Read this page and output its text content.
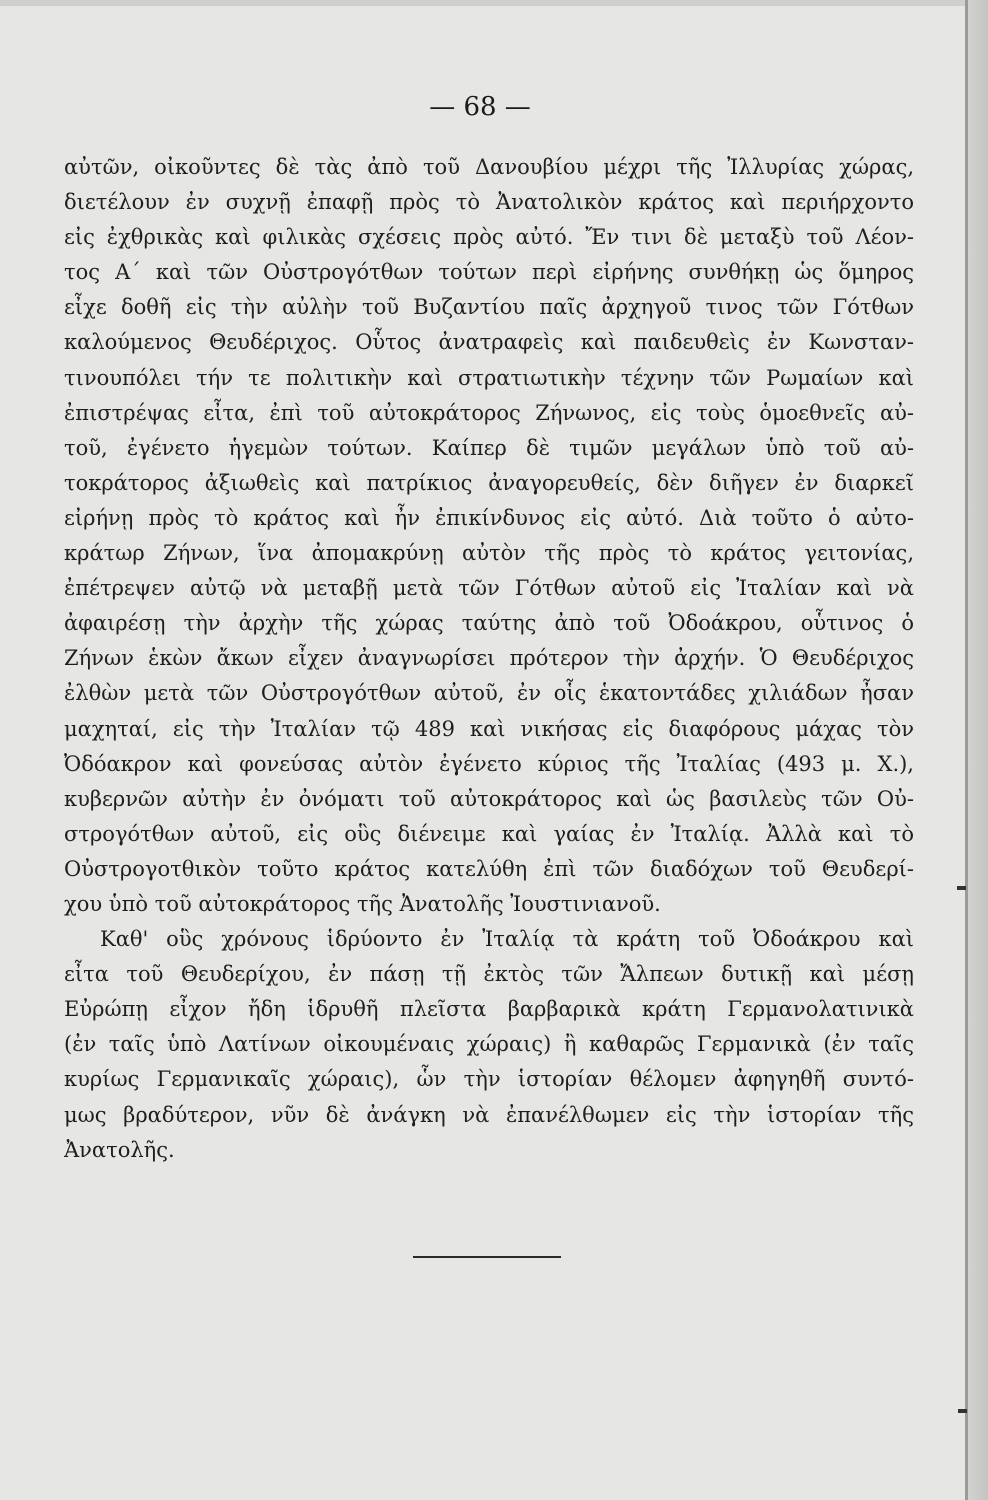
— 68 —
αὐτῶν, οἰκοῦντες δὲ τὰς ἀπὸ τοῦ Δανουβίου μέχρι τῆς Ἰλλυρίας χώρας,
διετέλουν ἐν συχνῇ ἐπαφῇ πρὸς τὸ Ἀνατολικὸν κράτος καὶ περιήρχοντο
εἰς ἐχθρικὰς καὶ φιλικὰς σχέσεις πρὸς αὐτό. Ἔν τινι δὲ μεταξὺ τοῦ Λέον-
τος Α΄ καὶ τῶν Οὐστρογότθων τούτων περὶ εἰρήνης συνθήκῃ ὡς ὅμηρος
εἶχε δοθῆ εἰς τὴν αὐλὴν τοῦ Βυζαντίου παῖς ἀρχηγοῦ τινος τῶν Γότθων
καλούμενος Θευδέριχος. Οὗτος ἀνατραφεὶς καὶ παιδευθεὶς ἐν Κωνσταν-
τινουπόλει τήν τε πολιτικὴν καὶ στρατιωτικὴν τέχνην τῶν Ρωμαίων καὶ
ἐπιστρέψας εἶτα, ἐπὶ τοῦ αὐτοκράτορος Ζήνωνος, εἰς τοὺς ὁμοεθνεῖς αὐ-
τοῦ, ἐγένετο ἡγεμὼν τούτων. Καίπερ δὲ τιμῶν μεγάλων ὑπὸ τοῦ αὐ-
τοκράτορος ἀξιωθεὶς καὶ πατρίκιος ἀναγορευθείς, δὲν διῆγεν ἐν διαρκεῖ
εἰρήνῃ πρὸς τὸ κράτος καὶ ἦν ἐπικίνδυνος εἰς αὐτό. Διὰ τοῦτο ὁ αὐτο-
κράτωρ Ζήνων, ἵνα ἀπομακρύνῃ αὐτὸν τῆς πρὸς τὸ κράτος γειτονίας,
ἐπέτρεψεν αὐτῷ νὰ μεταβῇ μετὰ τῶν Γότθων αὐτοῦ εἰς Ἰταλίαν καὶ νὰ
ἀφαιρέσῃ τὴν ἀρχὴν τῆς χώρας ταύτης ἀπὸ τοῦ Ὀδοάκρου, οὗτινος ὁ
Ζήνων ἑκὼν ἄκων εἶχεν ἀναγνωρίσει πρότερον τὴν ἀρχήν. Ὁ Θευδέριχος
ἐλθὼν μετὰ τῶν Οὐστρογότθων αὐτοῦ, ἐν οἷς ἑκατοντάδες χιλιάδων ἦσαν
μαχηταί, εἰς τὴν Ἰταλίαν τῷ 489 καὶ νικήσας εἰς διαφόρους μάχας τὸν
Ὀδόακρον καὶ φονεύσας αὐτὸν ἐγένετο κύριος τῆς Ἰταλίας (493 μ. Χ.),
κυβερνῶν αὐτὴν ἐν ὀνόματι τοῦ αὐτοκράτορος καὶ ὡς βασιλεὺς τῶν Οὐ-
στρογότθων αὐτοῦ, εἰς οὓς διένειμε καὶ γαίας ἐν Ἰταλίᾳ. Ἀλλὰ καὶ τὸ
Οὐστρογοτθικὸν τοῦτο κράτος κατελύθη ἐπὶ τῶν διαδόχων τοῦ Θευδερί-
χου ὑπὸ τοῦ αὐτοκράτορος τῆς Ἀνατολῆς Ἰουστινιανοῦ.
Καθ' οὓς χρόνους ἱδρύοντο ἐν Ἰταλίᾳ τὰ κράτη τοῦ Ὀδοάκρου καὶ
εἶτα τοῦ Θευδερίχου, ἐν πάσῃ τῇ ἐκτὸς τῶν Ἄλπεων δυτικῇ καὶ μέσῃ
Εὐρώπῃ εἶχον ἤδη ἱδρυθῆ πλεῖστα βαρβαρικὰ κράτη Γερμανολατινικὰ
(ἐν ταῖς ὑπὸ Λατίνων οἰκουμέναις χώραις) ἢ καθαρῶς Γερμανικὰ (ἐν ταῖς
κυρίως Γερμανικαῖς χώραις), ὧν τὴν ἱστορίαν θέλομεν ἀφηγηθῆ συντό-
μως βραδύτερον, νῦν δὲ ἀνάγκη νὰ ἐπανέλθωμεν εἰς τὴν ἱστορίαν τῆς
Ἀνατολῆς.
